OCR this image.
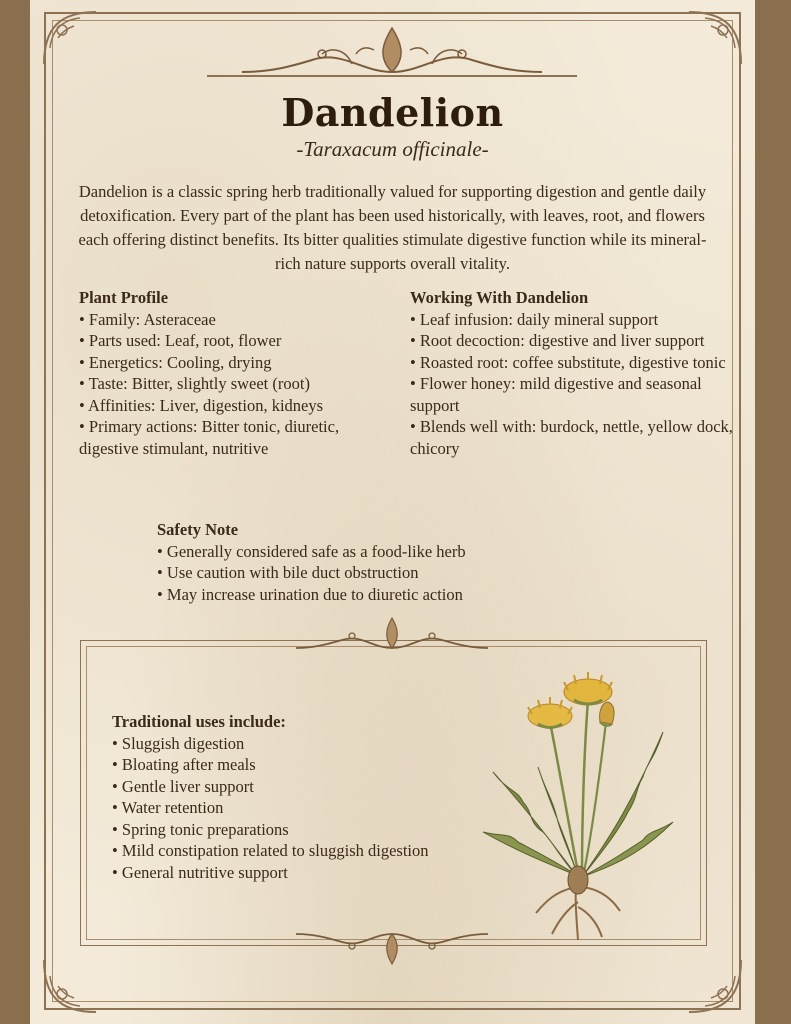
Dandelion
-Taraxacum officinale-
Dandelion is a classic spring herb traditionally valued for supporting digestion and gentle daily detoxification. Every part of the plant has been used historically, with leaves, root, and flowers each offering distinct benefits. Its bitter qualities stimulate digestive function while its mineral-rich nature supports overall vitality.
Plant Profile
• Family: Asteraceae
• Parts used: Leaf, root, flower
• Energetics: Cooling, drying
• Taste: Bitter, slightly sweet (root)
• Affinities: Liver, digestion, kidneys
• Primary actions: Bitter tonic, diuretic, digestive stimulant, nutritive
Working With Dandelion
• Leaf infusion: daily mineral support
• Root decoction: digestive and liver support
• Roasted root: coffee substitute, digestive tonic
• Flower honey: mild digestive and seasonal support
• Blends well with: burdock, nettle, yellow dock, chicory
Safety Note
• Generally considered safe as a food-like herb
• Use caution with bile duct obstruction
• May increase urination due to diuretic action
Traditional uses include:
• Sluggish digestion
• Bloating after meals
• Gentle liver support
• Water retention
• Spring tonic preparations
• Mild constipation related to sluggish digestion
• General nutritive support
